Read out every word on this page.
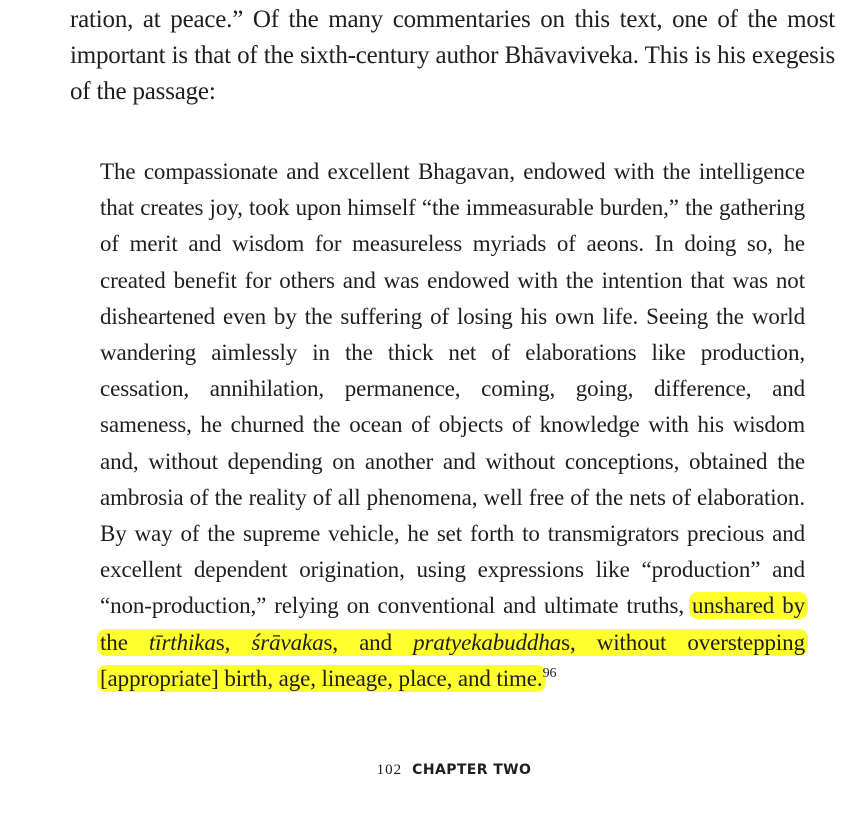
ration, at peace.” Of the many commentaries on this text, one of the most important is that of the sixth-century author Bhāvaviveka. This is his exegesis of the passage:

The compassionate and excellent Bhagavan, endowed with the intelligence that creates joy, took upon himself “the immeasurable burden,” the gathering of merit and wisdom for measureless myriads of aeons. In doing so, he created benefit for others and was endowed with the intention that was not disheartened even by the suffering of losing his own life. Seeing the world wandering aimlessly in the thick net of elaborations like production, cessation, annihilation, permanence, coming, going, difference, and sameness, he churned the ocean of objects of knowledge with his wisdom and, without depending on another and without conceptions, obtained the ambrosia of the reality of all phenomena, well free of the nets of elaboration. By way of the supreme vehicle, he set forth to transmigrators precious and excellent dependent origination, using expressions like “production” and “non-production,” relying on conventional and ultimate truths, unshared by the tīrthikas, śrāvakas, and pratyekabuddhas, without overstepping [appropriate] birth, age, lineage, place, and time.$^{96}$

102 CHAPTER TWO
